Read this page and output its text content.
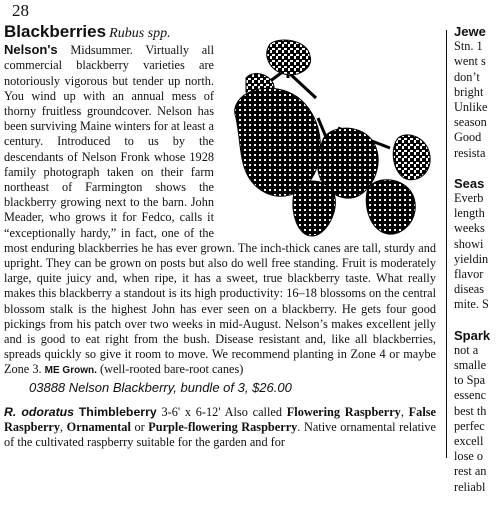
28
Blackberries Rubus spp.

Nelson's Midsummer. Virtually all commercial blackberry varieties are notoriously vigorous but tender up north. You wind up with an annual mess of thorny fruitless groundcover. Nelson has been surviving Maine winters for at least a century. Introduced to us by the descendants of Nelson Fronk whose 1928 family photograph taken on their farm northeast of Farmington shows the blackberry growing next to the barn. John Meader, who grows it for Fedco, calls it “exceptionally hardy,” in fact, one of the most enduring blackberries he has ever grown. The inch-thick canes are tall, sturdy and upright. They can be grown on posts but also do well free standing. Fruit is moderately large, quite juicy and, when ripe, it has a sweet, true blackberry taste. What really makes this blackberry a standout is its high productivity: 16–18 blossoms on the central blossom stalk is the highest John has ever seen on a blackberry. He gets four good pickings from his patch over two weeks in mid-August. Nelson’s makes excellent jelly and is good to eat right from the bush. Disease resistant and, like all blackberries, spreads quickly so give it room to move. We recommend planting in Zone 4 or maybe Zone 3. ME Grown. (well-rooted bare-root canes)

03888 Nelson Blackberry, bundle of 3, $26.00

R. odoratus Thimbleberry 3-6' x 6-12' Also called Flowering Raspberry, False Raspberry, Ornamental or Purple-flowering Raspberry. Native ornamental relative of the cultivated raspberry suitable for the garden and for

Jewe
Stn. 1
went s
don’t
bright
Unlike
season
Good
resista
Seas
Everb
length
weeks
showi
yieldin
flavor
diseas
mite. S
Spark
not a
smalle
to Spa
essenc
best th
perfec
excell
lose o
rest an
reliabl
